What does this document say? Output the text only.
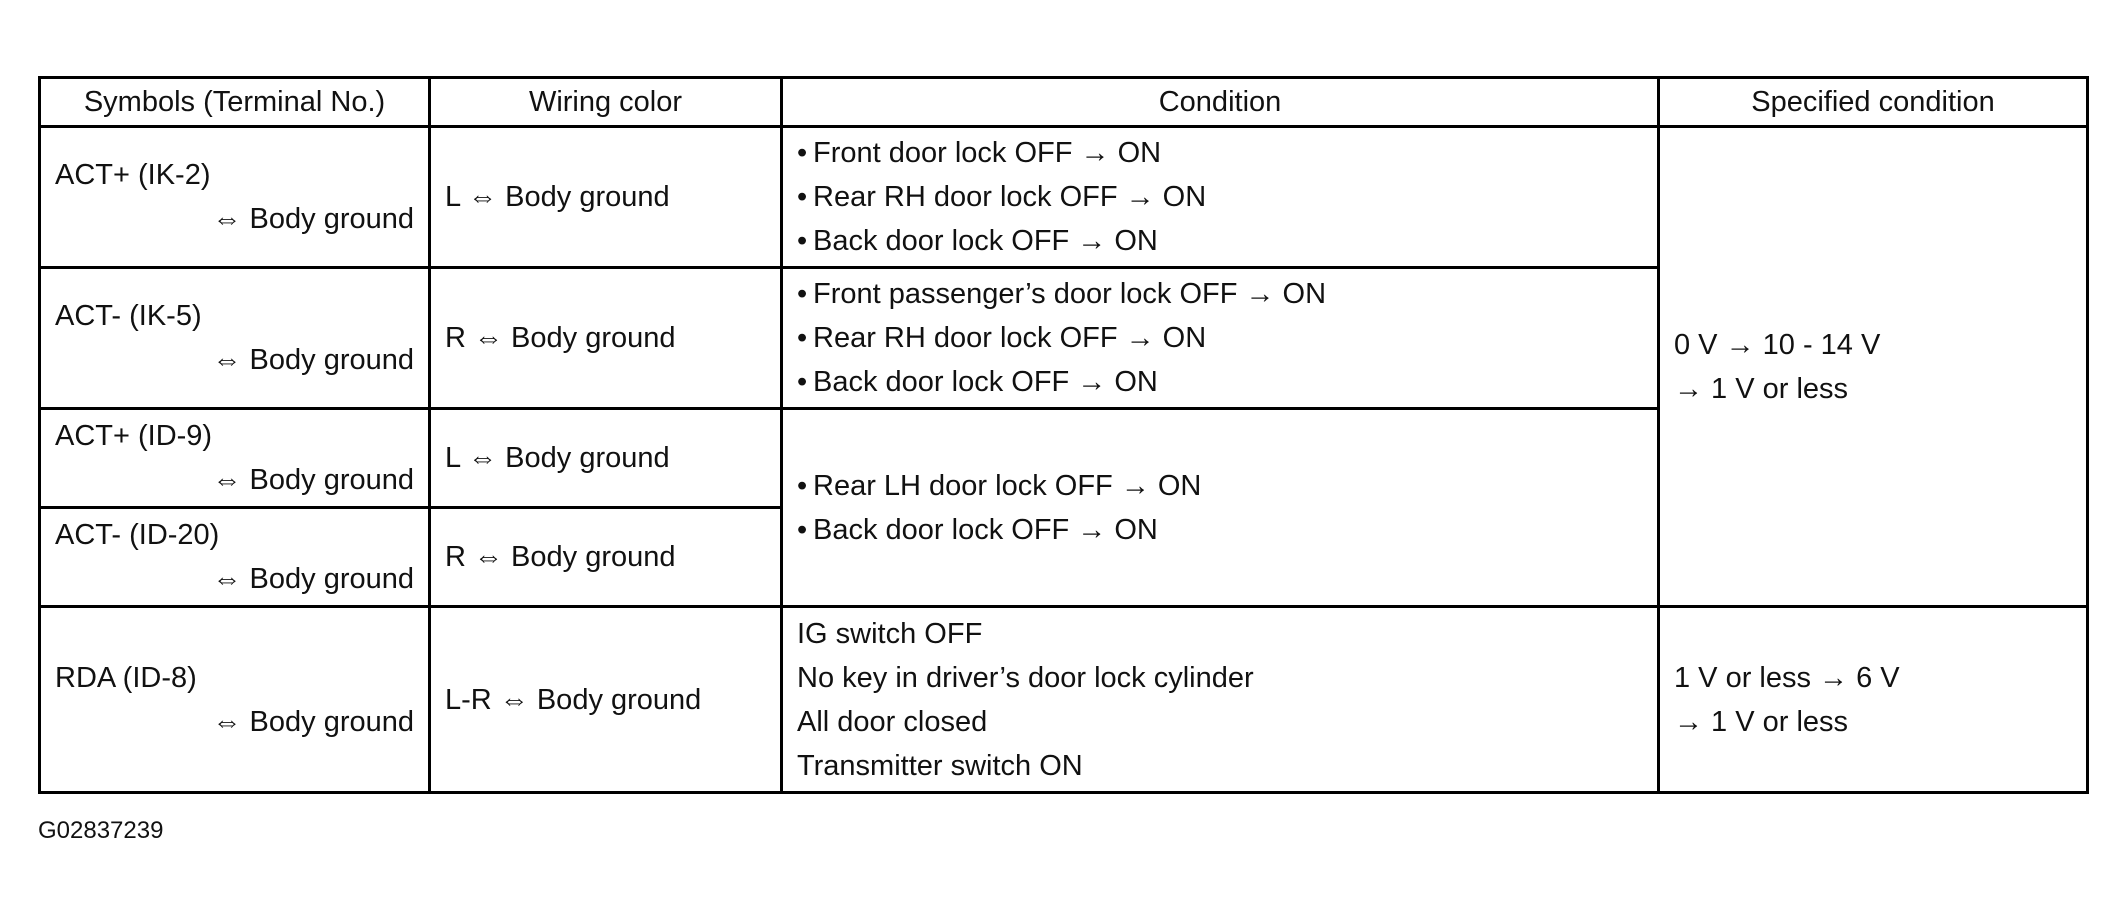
Symbols (Terminal No.)	Wiring color	Condition	Specified condition

ACT+ (IK-2)
⇔ Body ground	L ⇔ Body ground	• Front door lock OFF → ON
• Rear RH door lock OFF → ON
• Back door lock OFF → ON	0 V → 10 - 14 V
→ 1 V or less

ACT- (IK-5)
⇔ Body ground	R ⇔ Body ground	• Front passenger’s door lock OFF → ON
• Rear RH door lock OFF → ON
• Back door lock OFF → ON	

ACT+ (ID-9)
⇔ Body ground	L ⇔ Body ground	• Rear LH door lock OFF → ON
• Back door lock OFF → ON	

ACT- (ID-20)
⇔ Body ground	R ⇔ Body ground		

RDA (ID-8)
⇔ Body ground	L-R ⇔ Body ground	IG switch OFF
No key in driver’s door lock cylinder
All door closed
Transmitter switch ON	1 V or less → 6 V
→ 1 V or less
G02837239
